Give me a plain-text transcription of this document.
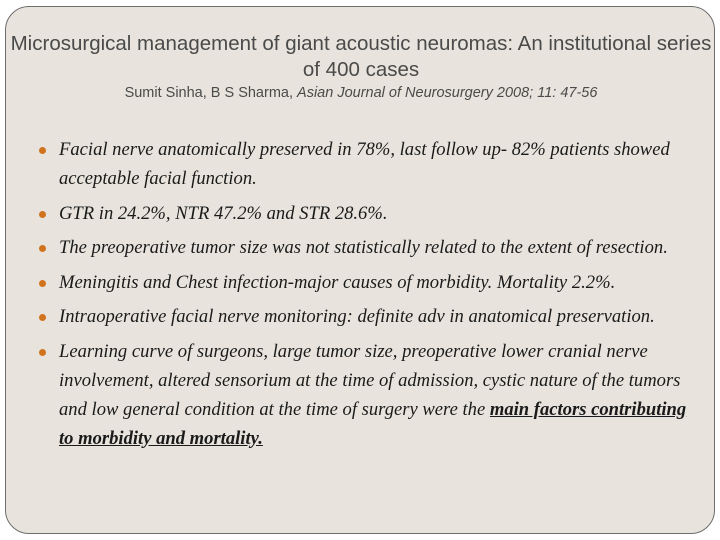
Microsurgical management of giant acoustic neuromas: An institutional series of 400 cases
Sumit Sinha, B S Sharma, Asian Journal of Neurosurgery 2008; 11: 47-56
Facial nerve anatomically preserved in 78%, last follow up- 82% patients showed acceptable facial function.
GTR in 24.2%, NTR 47.2% and STR 28.6%.
The preoperative tumor size was not statistically related to the extent of resection.
Meningitis and Chest infection-major causes of morbidity. Mortality 2.2%.
Intraoperative facial nerve monitoring: definite adv in anatomical preservation.
Learning curve of surgeons, large tumor size, preoperative lower cranial nerve involvement, altered sensorium at the time of admission, cystic nature of the tumors and low general condition at the time of surgery were the main factors contributing to morbidity and mortality.
